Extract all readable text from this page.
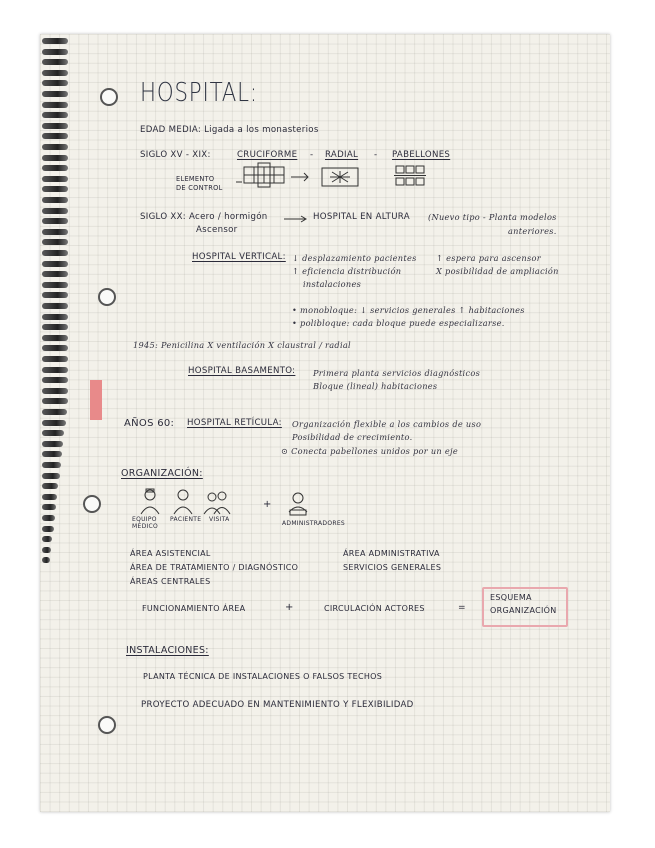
HOSPITAL:
EDAD MEDIA: Ligada a los monasterios
SIGLO XV - XIX:	CRUCIFORME - RADIAL - PABELLONES
ELEMENTO
DE CONTROL
SIGLO XX: Acero / hormigón
Ascensor
HOSPITAL EN ALTURA (Nuevo tipo - Planta modelos
anteriores.
HOSPITAL VERTICAL: ↓ desplazamiento pacientes
↑ eficiencia distribución
instalaciones
↑ espera para ascensor
X posibilidad de ampliación
• monobloque: ↓ servicios generales ↑ habitaciones
• polibloque: cada bloque puede especializarse.
1945: Penicilina X ventilación X claustral / radial
HOSPITAL BASAMENTO: Primera planta servicios diagnósticos
Bloque (lineal) habitaciones
AÑOS 60: HOSPITAL RETÍCULA: Organización flexible a los cambios de uso
Posibilidad de crecimiento.
⊙ Conecta pabellones unidos por un eje
ORGANIZACIÓN:
EQUIPO
MÉDICO
PACIENTE VISITA
+
ADMINISTRADORES
ÁREA ASISTENCIAL
ÁREA DE TRATAMIENTO / DIAGNÓSTICO
ÁREAS CENTRALES
ÁREA ADMINISTRATIVA
SERVICIOS GENERALES
FUNCIONAMIENTO ÁREA	+	CIRCULACIÓN ACTORES	=
ESQUEMA
ORGANIZACIÓN
INSTALACIONES:
PLANTA TÉCNICA DE INSTALACIONES O FALSOS TECHOS
PROYECTO ADECUADO EN MANTENIMIENTO Y FLEXIBILIDAD
